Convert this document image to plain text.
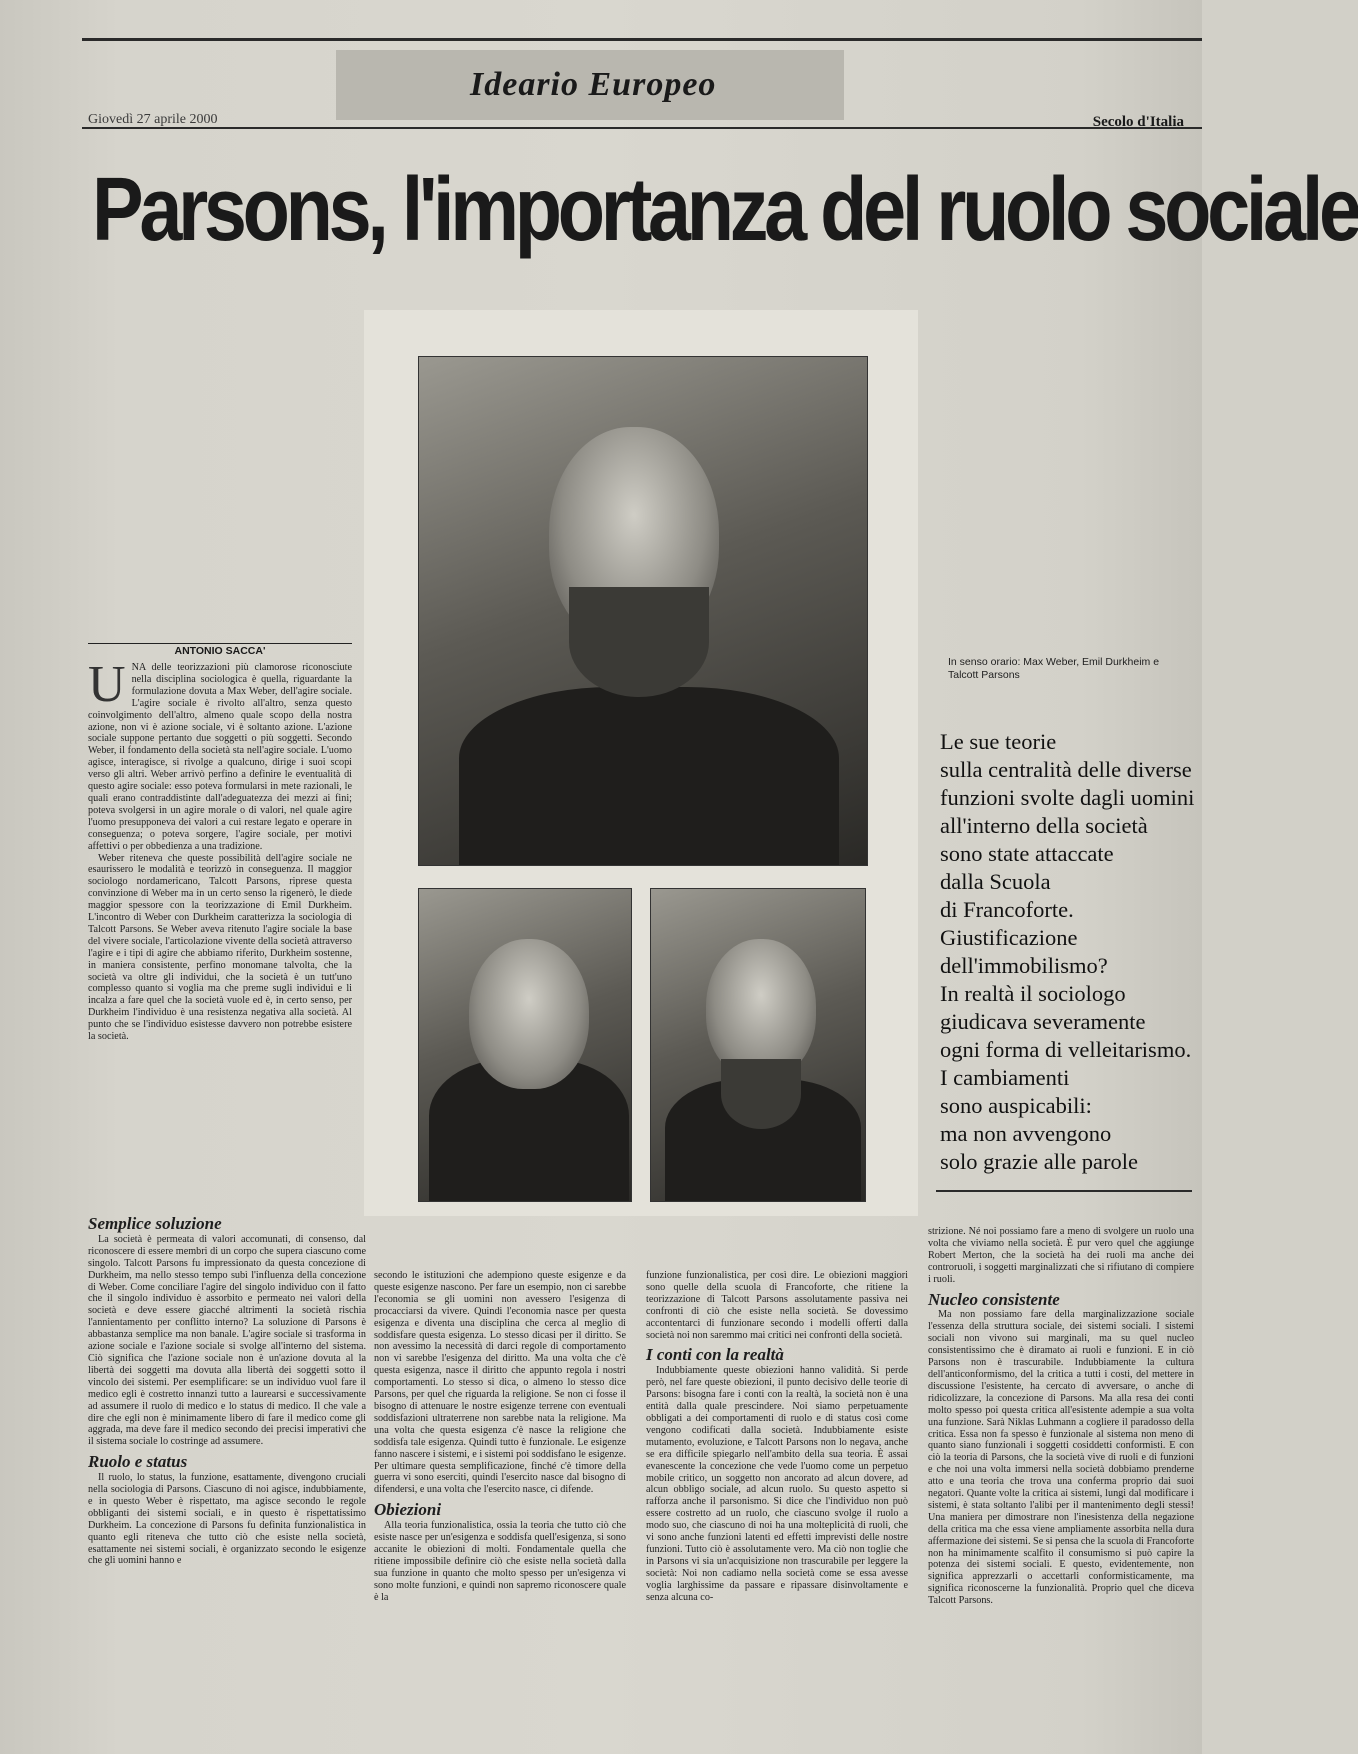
Ideario Europeo
Giovedì 27 aprile 2000	Secolo d'Italia
Parsons, l'importanza del ruolo sociale
In senso orario: Max Weber, Emil Durkheim e Talcott Parsons
Le sue teorie
sulla centralità delle diverse
funzioni svolte dagli uomini
all'interno della società
sono state attaccate
dalla Scuola
di Francoforte.
Giustificazione
dell'immobilismo?
In realtà il sociologo
giudicava severamente
ogni forma di velleitarismo.
I cambiamenti
sono auspicabili:
ma non avvengono
solo grazie alle parole
ANTONIO SACCA'
U NA delle teorizzazioni più clamorose riconosciute nella disciplina sociologica è quella, riguardante la formulazione dovuta a Max Weber, dell'agire sociale. L'agire sociale è rivolto all'altro, senza questo coinvolgimento dell'altro, almeno quale scopo della nostra azione, non vi è azione sociale, vi è soltanto azione. L'azione sociale suppone pertanto due soggetti o più soggetti. Secondo Weber, il fondamento della società sta nell'agire sociale. L'uomo agisce, interagisce, si rivolge a qualcuno, dirige i suoi scopi verso gli altri. Weber arrivò perfino a definire le eventualità di questo agire sociale: esso poteva formularsi in mete razionali, le quali erano contraddistinte dall'adeguatezza dei mezzi ai fini; poteva svolgersi in un agire morale o di valori, nel quale agire l'uomo presupponeva dei valori a cui restare legato e operare in conseguenza; o poteva sorgere, l'agire sociale, per motivi affettivi o per obbedienza a una tradizione.

Weber riteneva che queste possibilità dell'agire sociale ne esaurissero le modalità e teorizzò in conseguenza. Il maggior sociologo nordamericano, Talcott Parsons, riprese questa convinzione di Weber ma in un certo senso la rigenerò, le diede maggior spessore con la teorizzazione di Emil Durkheim. L'incontro di Weber con Durkheim caratterizza la sociologia di Talcott Parsons. Se Weber aveva ritenuto l'agire sociale la base del vivere sociale, l'articolazione vivente della società attraverso l'agire e i tipi di agire che abbiamo riferito, Durkheim sostenne, in maniera consistente, perfino monomane talvolta, che la società va oltre gli individui, che la società è un tutt'uno complesso quanto si voglia ma che preme sugli individui e li incalza a fare quel che la società vuole ed è, in certo senso, per Durkheim l'individuo è una resistenza negativa alla società. Al punto che se l'individuo esistesse davvero non potrebbe esistere la società.

Semplice soluzione

La società è permeata di valori accomunati, di consenso, dal riconoscere di essere membri di un corpo che supera ciascuno come singolo. Talcott Parsons fu impressionato da questa concezione di Durkheim, ma nello stesso tempo subì l'influenza della concezione di Weber. Come conciliare l'agire del singolo individuo con il fatto che il singolo individuo è assorbito e permeato nei valori della società e deve essere giacché altrimenti la società rischia l'annientamento per conflitto interno? La soluzione di Parsons è abbastanza semplice ma non banale. L'agire sociale si trasforma in azione sociale e l'azione sociale si svolge all'interno del sistema. Ciò significa che l'azione sociale non è un'azione dovuta al la libertà dei soggetti ma dovuta alla libertà dei soggetti sotto il vincolo dei sistemi. Per esemplificare: se un individuo vuol fare il medico egli è costretto innanzi tutto a laurearsi e successivamente ad assumere il ruolo di medico e lo status di medico. Il che vale a dire che egli non è minimamente libero di fare il medico come gli aggrada, ma deve fare il medico secondo dei precisi imperativi che il sistema sociale lo costringe ad assumere.

Ruolo e status

Il ruolo, lo status, la funzione, esattamente, divengono cruciali nella sociologia di Parsons. Ciascuno di noi agisce, indubbiamente, e in questo Weber è rispettato, ma agisce secondo le regole obbliganti dei sistemi sociali, e in questo è rispettatissimo Durkheim. La concezione di Parsons fu definita funzionalistica in quanto egli riteneva che tutto ciò che esiste nella società, esattamente nei sistemi sociali, è organizzato secondo le esigenze che gli uomini hanno e

secondo le istituzioni che adempiono queste esigenze e da queste esigenze nascono. Per fare un esempio, non ci sarebbe l'economia se gli uomini non avessero l'esigenza di procacciarsi da vivere. Quindi l'economia nasce per questa esigenza e diventa una disciplina che cerca al meglio di soddisfare questa esigenza. Lo stesso dicasi per il diritto. Se non avessimo la necessità di darci regole di comportamento non vi sarebbe l'esigenza del diritto. Ma una volta che c'è questa esigenza, nasce il diritto che appunto regola i nostri comportamenti. Lo stesso si dica, o almeno lo stesso dice Parsons, per quel che riguarda la religione. Se non ci fosse il bisogno di attenuare le nostre esigenze terrene con eventuali soddisfazioni ultraterrene non sarebbe nata la religione. Ma una volta che questa esigenza c'è nasce la religione che soddisfa tale esigenza. Quindi tutto è funzionale. Le esigenze fanno nascere i sistemi, e i sistemi poi soddisfano le esigenze. Per ultimare questa semplificazione, finché c'è timore della guerra vi sono eserciti, quindi l'esercito nasce dal bisogno di difendersi, e una volta che l'esercito nasce, ci difende.

Obiezioni

Alla teoria funzionalistica, ossia la teoria che tutto ciò che esiste nasce per un'esigenza e soddisfa quell'esigenza, si sono accanite le obiezioni di molti. Fondamentale quella che ritiene impossibile definire ciò che esiste nella società dalla sua funzione in quanto che molto spesso per un'esigenza vi sono molte funzioni, e quindi non sapremo riconoscere quale è la

funzione funzionalistica, per così dire. Le obiezioni maggiori sono quelle della scuola di Francoforte, che ritiene la teorizzazione di Talcott Parsons assolutamente passiva nei confronti di ciò che esiste nella società. Se dovessimo accontentarci di funzionare secondo i modelli offerti dalla società noi non saremmo mai critici nei confronti della società.

I conti con la realtà

Indubbiamente queste obiezioni hanno validità. Si perde però, nel fare queste obiezioni, il punto decisivo delle teorie di Parsons: bisogna fare i conti con la realtà, la società non è una entità dalla quale prescindere. Noi siamo perpetuamente obbligati a dei comportamenti di ruolo e di status così come vengono codificati dalla società. Indubbiamente esiste mutamento, evoluzione, e Talcott Parsons non lo negava, anche se era difficile spiegarlo nell'ambito della sua teoria. È assai evanescente la concezione che vede l'uomo come un perpetuo mobile critico, un soggetto non ancorato ad alcun dovere, ad alcun obbligo sociale, ad alcun ruolo. Su questo aspetto si rafforza anche il parsonismo. Si dice che l'individuo non può essere costretto ad un ruolo, che ciascuno svolge il ruolo a modo suo, che ciascuno di noi ha una molteplicità di ruoli, che vi sono anche funzioni latenti ed effetti imprevisti delle nostre funzioni. Tutto ciò è assolutamente vero. Ma ciò non toglie che in Parsons vi sia un'acquisizione non trascurabile per leggere la società: Noi non cadiamo nella società come se essa avesse voglia larghissime da passare e ripassare disinvoltamente e senza alcuna co-

strizione. Né noi possiamo fare a meno di svolgere un ruolo una volta che viviamo nella società. È pur vero quel che aggiunge Robert Merton, che la società ha dei ruoli ma anche dei controruoli, i soggetti marginalizzati che si rifiutano di compiere i ruoli.

Nucleo consistente

Ma non possiamo fare della marginalizzazione sociale l'essenza della struttura sociale, dei sistemi sociali. I sistemi sociali non vivono sui marginali, ma su quel nucleo consistentissimo che è diramato ai ruoli e funzioni. E in ciò Parsons non è trascurabile. Indubbiamente la cultura dell'anticonformismo, del la critica a tutti i costi, del mettere in discussione l'esistente, ha cercato di avversare, o anche di ridicolizzare, la concezione di Parsons. Ma alla resa dei conti molto spesso poi questa critica all'esistente adempie a sua volta una funzione. Sarà Niklas Luhmann a cogliere il paradosso della critica. Essa non fa spesso è funzionale al sistema non meno di quanto siano funzionali i soggetti cosiddetti conformisti. E con ciò la teoria di Parsons, che la società vive di ruoli e di funzioni e che noi una volta immersi nella società dobbiamo prenderne atto e una teoria che trova una conferma proprio dai suoi negatori. Quante volte la critica ai sistemi, lungi dal modificare i sistemi, è stata soltanto l'alibi per il mantenimento degli stessi! Una maniera per dimostrare non l'inesistenza della negazione della critica ma che essa viene ampliamente assorbita nella dura affermazione dei sistemi. Se si pensa che la scuola di Francoforte non ha minimamente scalfito il consumismo si può capire la potenza dei sistemi sociali. E questo, evidentemente, non significa apprezzarli o accettarli conformisticamente, ma significa riconoscerne la funzionalità. Proprio quel che diceva Talcott Parsons.
